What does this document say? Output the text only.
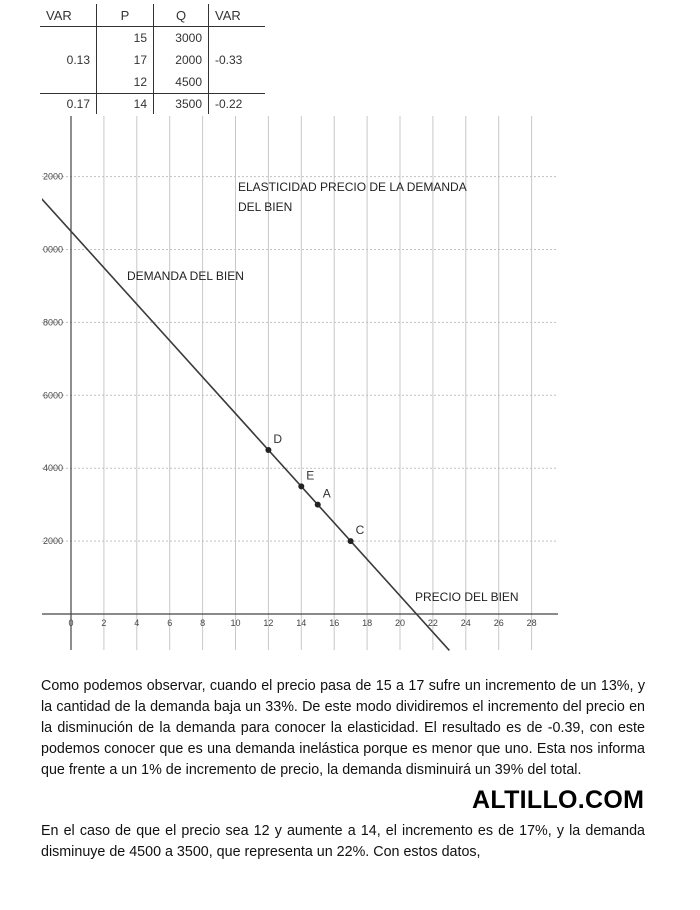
VAR	P	Q	VAR
	15	3000	
0.13	17	2000	-0.33
	12	4500	
0.17	14	3500	-0.22
0	2	4	6	8	10	12	14	16	18	20	22	24	26	28
2000
4000
6000
8000
0000
2000
D
E
A
C
ELASTICIDAD PRECIO DE LA DEMANDA
DEL BIEN
DEMANDA DEL BIEN
PRECIO DEL BIEN

Como podemos observar, cuando el precio pasa de 15 a 17 sufre un incremento de un 13%, y la cantidad de la demanda baja un 33%. De este modo dividiremos el incremento del precio en la disminución de la demanda para conocer la elasticidad. El resultado es de -0.39, con este podemos conocer que es una demanda inelástica porque es menor que uno. Esta nos informa que frente a un 1% de incremento de precio, la demanda disminuirá un 39% del total.

ALTILLO.COM

En el caso de que el precio sea 12 y aumente a 14, el incremento es de 17%, y la demanda disminuye de 4500 a 3500, que representa un 22%. Con estos datos,
